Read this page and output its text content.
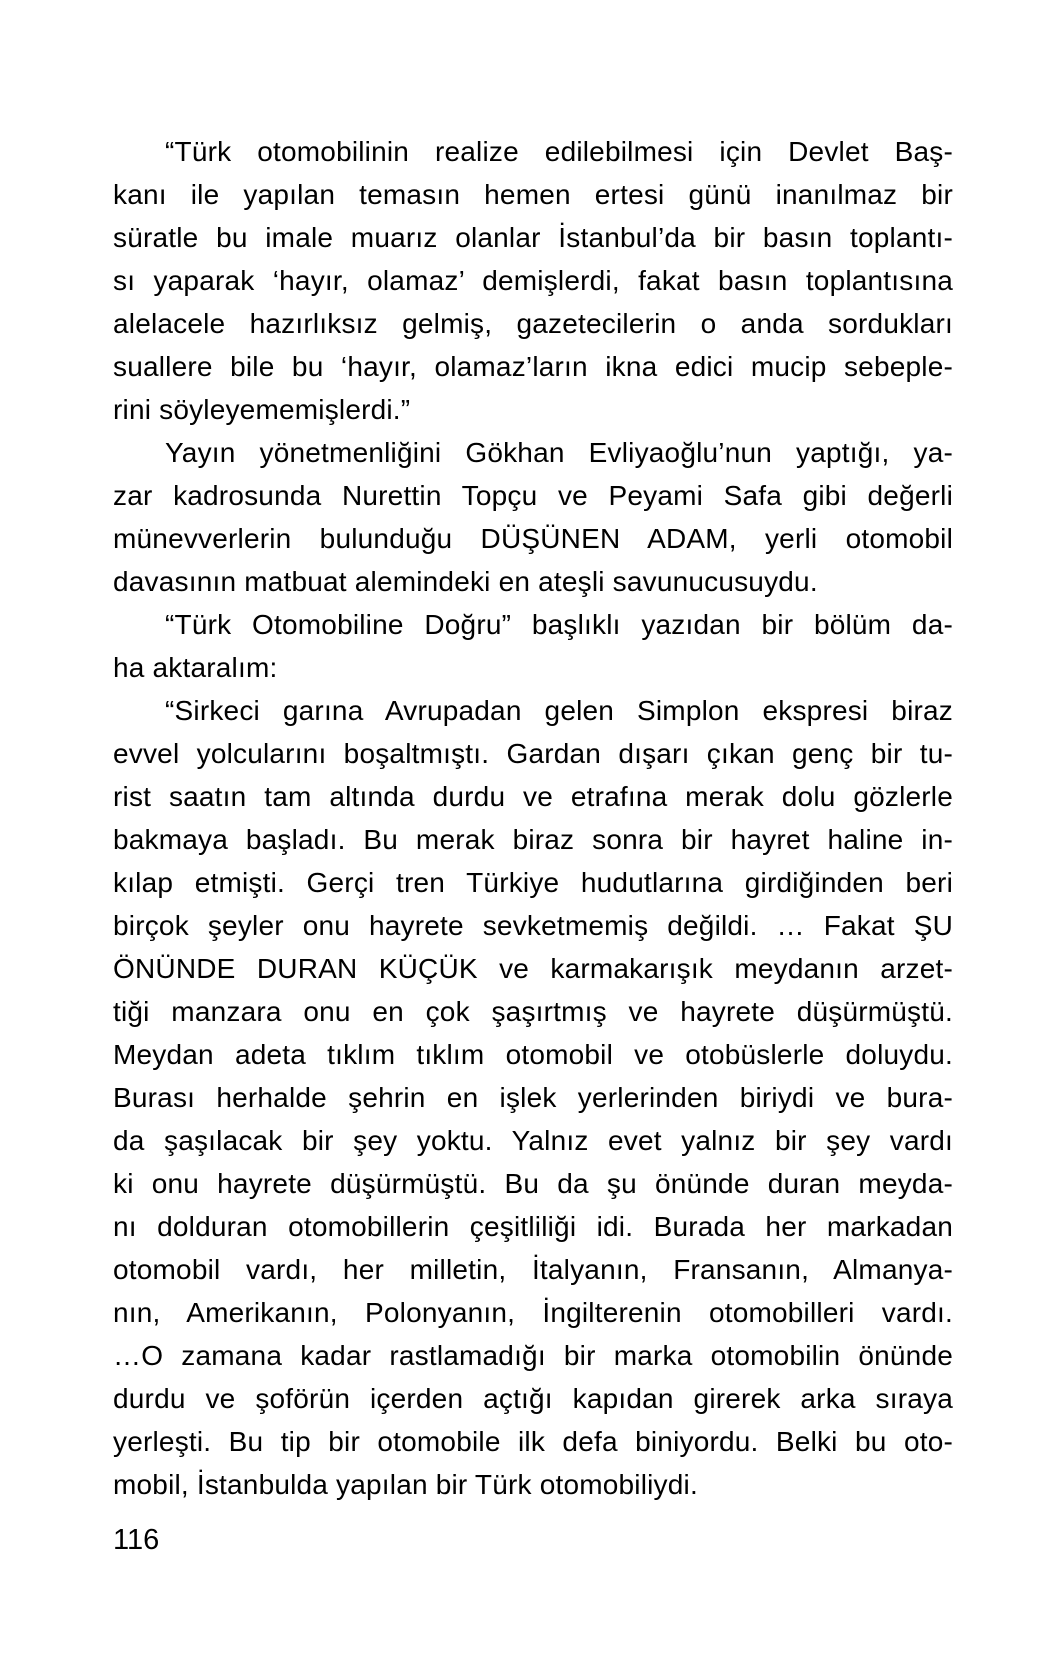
“Türk otomobilinin realize edilebilmesi için Devlet Baş-
kanı ile yapılan temasın hemen ertesi günü inanılmaz bir
süratle bu imale muarız olanlar İstanbul’da bir basın toplantı-
sı yaparak ‘hayır, olamaz’ demişlerdi, fakat basın toplantısına
alelacele hazırlıksız gelmiş, gazetecilerin o anda sordukları
suallere bile bu ‘hayır, olamaz’ların ikna edici mucip sebeple-
rini söyleyememişlerdi.”
Yayın yönetmenliğini Gökhan Evliyaoğlu’nun yaptığı, ya-
zar kadrosunda Nurettin Topçu ve Peyami Safa gibi değerli
münevverlerin bulunduğu DÜŞÜNEN ADAM, yerli otomobil
davasının matbuat alemindeki en ateşli savunucusuydu.
“Türk Otomobiline Doğru” başlıklı yazıdan bir bölüm da-
ha aktaralım:
“Sirkeci garına Avrupadan gelen Simplon ekspresi biraz
evvel yolcularını boşaltmıştı. Gardan dışarı çıkan genç bir tu-
rist saatın tam altında durdu ve etrafına merak dolu gözlerle
bakmaya başladı. Bu merak biraz sonra bir hayret haline in-
kılap etmişti. Gerçi tren Türkiye hudutlarına girdiğinden beri
birçok şeyler onu hayrete sevketmemiş değildi. … Fakat ŞU
ÖNÜNDE DURAN KÜÇÜK ve karmakarışık meydanın arzet-
tiği manzara onu en çok şaşırtmış ve hayrete düşürmüştü.
Meydan adeta tıklım tıklım otomobil ve otobüslerle doluydu.
Burası herhalde şehrin en işlek yerlerinden biriydi ve bura-
da şaşılacak bir şey yoktu. Yalnız evet yalnız bir şey vardı
ki onu hayrete düşürmüştü. Bu da şu önünde duran meyda-
nı dolduran otomobillerin çeşitliliği idi. Burada her markadan
otomobil vardı, her milletin, İtalyanın, Fransanın, Almanya-
nın, Amerikanın, Polonyanın, İngilterenin otomobilleri vardı.
…O zamana kadar rastlamadığı bir marka otomobilin önünde
durdu ve şoförün içerden açtığı kapıdan girerek arka sıraya
yerleşti. Bu tip bir otomobile ilk defa biniyordu. Belki bu oto-
mobil, İstanbulda yapılan bir Türk otomobiliydi.
116
